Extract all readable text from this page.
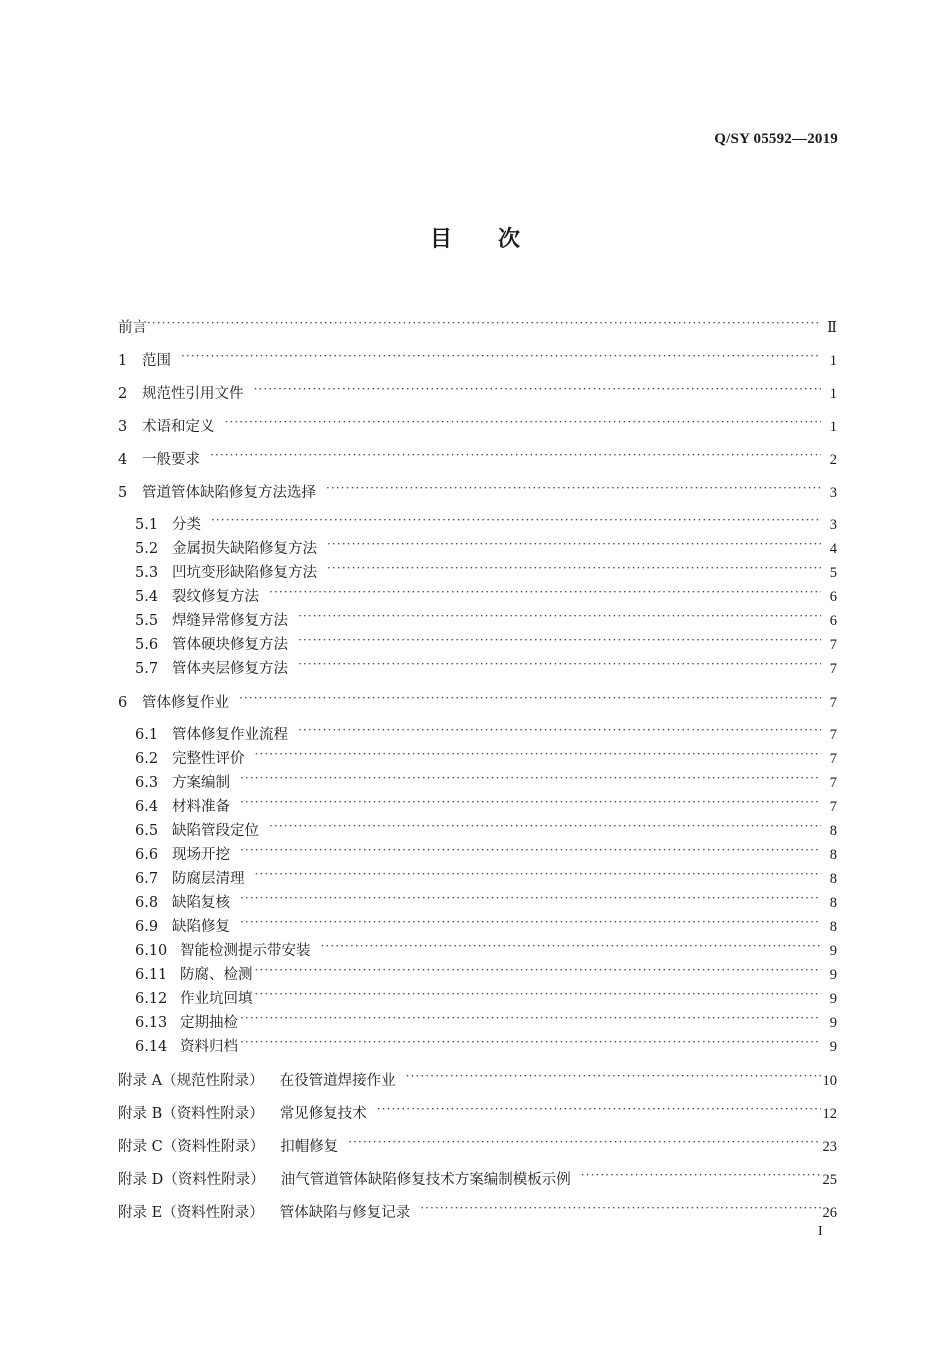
Q/SY 05592—2019
目次
前言 ·····	Ⅱ
1	范围 ·····	1
2	规范性引用文件 ·····	1
3	术语和定义 ·····	1
4	一般要求 ·····	2
5	管道管体缺陷修复方法选择 ·····	3
5.1 分类 ·····	3
5.2 金属损失缺陷修复方法 ·····	4
5.3 凹坑变形缺陷修复方法 ·····	5
5.4 裂纹修复方法 ·····	6
5.5 焊缝异常修复方法 ·····	6
5.6 管体硬块修复方法 ·····	7
5.7 管体夹层修复方法 ·····	7
6	管体修复作业 ·····	7
6.1 管体修复作业流程 ·····	7
6.2 完整性评价 ·····	7
6.3 方案编制 ·····	7
6.4 材料准备 ·····	7
6.5 缺陷管段定位 ·····	8
6.6 现场开挖 ·····	8
6.7 防腐层清理 ·····	8
6.8 缺陷复核 ·····	8
6.9 缺陷修复 ·····	8
6.10 智能检测提示带安装 ·····	9
6.11 防腐、检测 ·····	9
6.12 作业坑回填 ·····	9
6.13 定期抽检 ·····	9
6.14 资料归档 ·····	9
附录 A（规范性附录） 在役管道焊接作业 ·····	10
附录 B（资料性附录） 常见修复技术 ·····	12
附录 C（资料性附录） 扣帽修复 ·····	23
附录 D（资料性附录） 油气管道管体缺陷修复技术方案编制模板示例 ·····	25
附录 E（资料性附录） 管体缺陷与修复记录 ·····	26
I
